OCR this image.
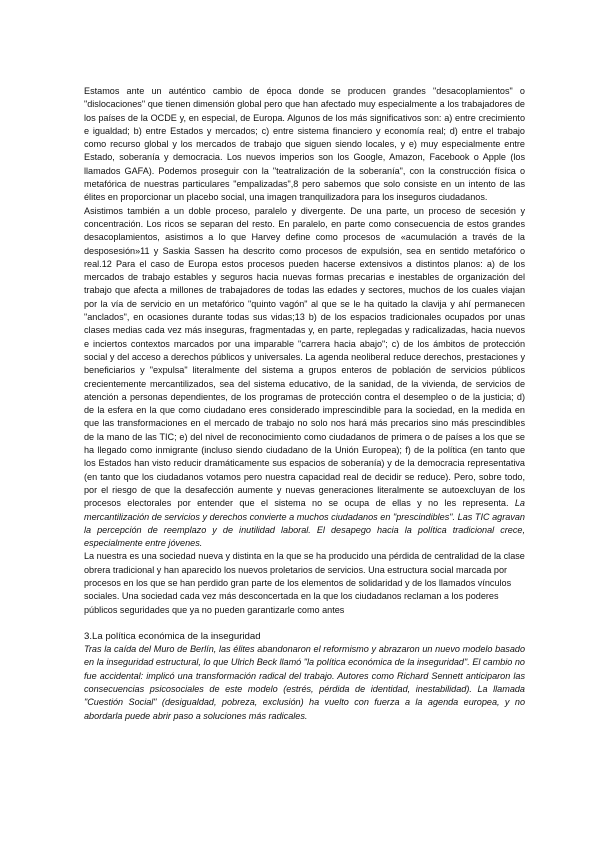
Estamos ante un auténtico cambio de época donde se producen grandes "desacoplamientos" o "dislocaciones" que tienen dimensión global pero que han afectado muy especialmente a los trabajadores de los países de la OCDE y, en especial, de Europa. Algunos de los más significativos son: a) entre crecimiento e igualdad; b) entre Estados y mercados; c) entre sistema financiero y economía real; d) entre el trabajo como recurso global y los mercados de trabajo que siguen siendo locales, y e) muy especialmente entre Estado, soberanía y democracia. Los nuevos imperios son los Google, Amazon, Facebook o Apple (los llamados GAFA). Podemos proseguir con la "teatralización de la soberanía", con la construcción física o metafórica de nuestras particulares "empalizadas",8 pero sabemos que solo consiste en un intento de las élites en proporcionar un placebo social, una imagen tranquilizadora para los inseguros ciudadanos.

Asistimos también a un doble proceso, paralelo y divergente. De una parte, un proceso de secesión y concentración. Los ricos se separan del resto. En paralelo, en parte como consecuencia de estos grandes desacoplamientos, asistimos a lo que Harvey define como procesos de «acumulación a través de la desposesión»11 y Saskia Sassen ha descrito como procesos de expulsión, sea en sentido metafórico o real.12 Para el caso de Europa estos procesos pueden hacerse extensivos a distintos planos: a) de los mercados de trabajo estables y seguros hacia nuevas formas precarias e inestables de organización del trabajo que afecta a millones de trabajadores de todas las edades y sectores, muchos de los cuales viajan por la vía de servicio en un metafórico "quinto vagón" al que se le ha quitado la clavija y ahí permanecen "anclados", en ocasiones durante todas sus vidas;13 b) de los espacios tradicionales ocupados por unas clases medias cada vez más inseguras, fragmentadas y, en parte, replegadas y radicalizadas, hacia nuevos e inciertos contextos marcados por una imparable "carrera hacia abajo"; c) de los ámbitos de protección social y del acceso a derechos públicos y universales. La agenda neoliberal reduce derechos, prestaciones y beneficiarios y "expulsa" literalmente del sistema a grupos enteros de población de servicios públicos crecientemente mercantilizados, sea del sistema educativo, de la sanidad, de la vivienda, de servicios de atención a personas dependientes, de los programas de protección contra el desempleo o de la justicia; d) de la esfera en la que como ciudadano eres considerado imprescindible para la sociedad, en la medida en que las transformaciones en el mercado de trabajo no solo nos hará más precarios sino más prescindibles de la mano de las TIC; e) del nivel de reconocimiento como ciudadanos de primera o de países a los que se ha llegado como inmigrante (incluso siendo ciudadano de la Unión Europea); f) de la política (en tanto que los Estados han visto reducir dramáticamente sus espacios de soberanía) y de la democracia representativa (en tanto que los ciudadanos votamos pero nuestra capacidad real de decidir se reduce). Pero, sobre todo, por el riesgo de que la desafección aumente y nuevas generaciones literalmente se autoexcluyan de los procesos electorales por entender que el sistema no se ocupa de ellas y no les representa. La mercantilización de servicios y derechos convierte a muchos ciudadanos en "prescindibles". Las TIC agravan la percepción de reemplazo y de inutilidad laboral. El desapego hacia la política tradicional crece, especialmente entre jóvenes.

La nuestra es una sociedad nueva y distinta en la que se ha producido una pérdida de centralidad de la clase obrera tradicional y han aparecido los nuevos proletarios de servicios. Una estructura social marcada por procesos en los que se han perdido gran parte de los elementos de solidaridad y de los llamados vínculos sociales. Una sociedad cada vez más desconcertada en la que los ciudadanos reclaman a los poderes públicos seguridades que ya no pueden garantizarle como antes

3.La política económica de la inseguridad

Tras la caída del Muro de Berlín, las élites abandonaron el reformismo y abrazaron un nuevo modelo basado en la inseguridad estructural, lo que Ulrich Beck llamó "la política económica de la inseguridad". El cambio no fue accidental: implicó una transformación radical del trabajo. Autores como Richard Sennett anticiparon las consecuencias psicosociales de este modelo (estrés, pérdida de identidad, inestabilidad). La llamada "Cuestión Social" (desigualdad, pobreza, exclusión) ha vuelto con fuerza a la agenda europea, y no abordarla puede abrir paso a soluciones más radicales.
